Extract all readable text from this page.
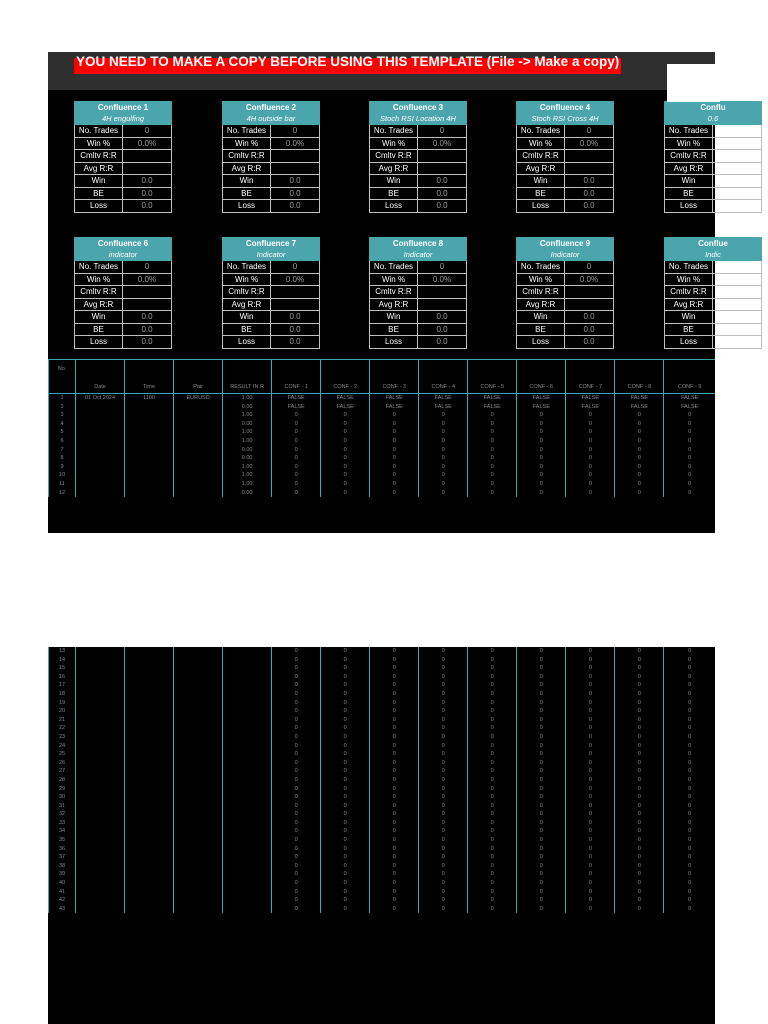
YOU NEED TO MAKE A COPY BEFORE USING THIS TEMPLATE (File -> Make a copy)
Confluence 1
4H engulfing
No. Trades	0
Win %	0.0%
Cmltv R:R
Avg R:R
Win	0.0
BE	0.0
Loss	0.0
Confluence 2
4H outside bar
No. Trades	0
Win %	0.0%
Cmltv R:R
Avg R:R
Win	0.0
BE	0.0
Loss	0.0
Confluence 3
Stoch RSI Location 4H
No. Trades	0
Win %	0.0%
Cmltv R:R
Avg R:R
Win	0.0
BE	0.0
Loss	0.0
Confluence 4
Stoch RSI Cross 4H
No. Trades	0
Win %	0.0%
Cmltv R:R
Avg R:R
Win	0.0
BE	0.0
Loss	0.0
Conflu
0.6
No. Trades
Win %
Cmltv R:R
Avg R:R
Win
BE
Loss
Confluence 6
indicator
No. Trades	0
Win %	0.0%
Cmltv R:R
Avg R:R
Win	0.0
BE	0.0
Loss	0.0
Confluence 7
Indicator
No. Trades	0
Win %	0.0%
Cmltv R:R
Avg R:R
Win	0.0
BE	0.0
Loss	0.0
Confluence 8
Indicator
No. Trades	0
Win %	0.0%
Cmltv R:R
Avg R:R
Win	0.0
BE	0.0
Loss	0.0
Confluence 9
Indicator
No. Trades	0
Win %	0.0%
Cmltv R:R
Avg R:R
Win	0.0
BE	0.0
Loss	0.0
Conflue
Indic
No. Trades
Win %
Cmltv R:R
Avg R:R
Win
BE
Loss
No.	Date	Time	Pair	RESULT IN R	CONF - 1	CONF - 2	CONF - 3	CONF - 4	CONF - 5	CONF - 6	CONF - 7	CONF - 8	CONF - 9
1	01 Oct 2024	1100	EURUSD	1.00	FALSE	FALSE	FALSE	FALSE	FALSE	FALSE	FALSE	FALSE	FALSE
2				0.00	FALSE	FALSE	FALSE	FALSE	FALSE	FALSE	FALSE	FALSE	FALSE
3				1.00	0	0	0	0	0	0	0	0	0
4				0.00	0	0	0	0	0	0	0	0	0
5				1.00	0	0	0	0	0	0	0	0	0
6				1.00	0	0	0	0	0	0	0	0	0
7				0.00	0	0	0	0	0	0	0	0	0
8				0.00	0	0	0	0	0	0	0	0	0
9				1.00	0	0	0	0	0	0	0	0	0
10				1.00	0	0	0	0	0	0	0	0	0
11				1.00	0	0	0	0	0	0	0	0	0
12				0.00	0	0	0	0	0	0	0	0	0
13					0	0	0	0	0	0	0	0	0
14					0	0	0	0	0	0	0	0	0
15					0	0	0	0	0	0	0	0	0
16					0	0	0	0	0	0	0	0	0
17					0	0	0	0	0	0	0	0	0
18					0	0	0	0	0	0	0	0	0
19					0	0	0	0	0	0	0	0	0
20					0	0	0	0	0	0	0	0	0
21					0	0	0	0	0	0	0	0	0
22					0	0	0	0	0	0	0	0	0
23					0	0	0	0	0	0	0	0	0
24					0	0	0	0	0	0	0	0	0
25					0	0	0	0	0	0	0	0	0
26					0	0	0	0	0	0	0	0	0
27					0	0	0	0	0	0	0	0	0
28					0	0	0	0	0	0	0	0	0
29					0	0	0	0	0	0	0	0	0
30					0	0	0	0	0	0	0	0	0
31					0	0	0	0	0	0	0	0	0
32					0	0	0	0	0	0	0	0	0
33					0	0	0	0	0	0	0	0	0
34					0	0	0	0	0	0	0	0	0
35					0	0	0	0	0	0	0	0	0
36					0	0	0	0	0	0	0	0	0
37					0	0	0	0	0	0	0	0	0
38					0	0	0	0	0	0	0	0	0
39					0	0	0	0	0	0	0	0	0
40					0	0	0	0	0	0	0	0	0
41					0	0	0	0	0	0	0	0	0
42					0	0	0	0	0	0	0	0	0
43					0	0	0	0	0	0	0	0	0
